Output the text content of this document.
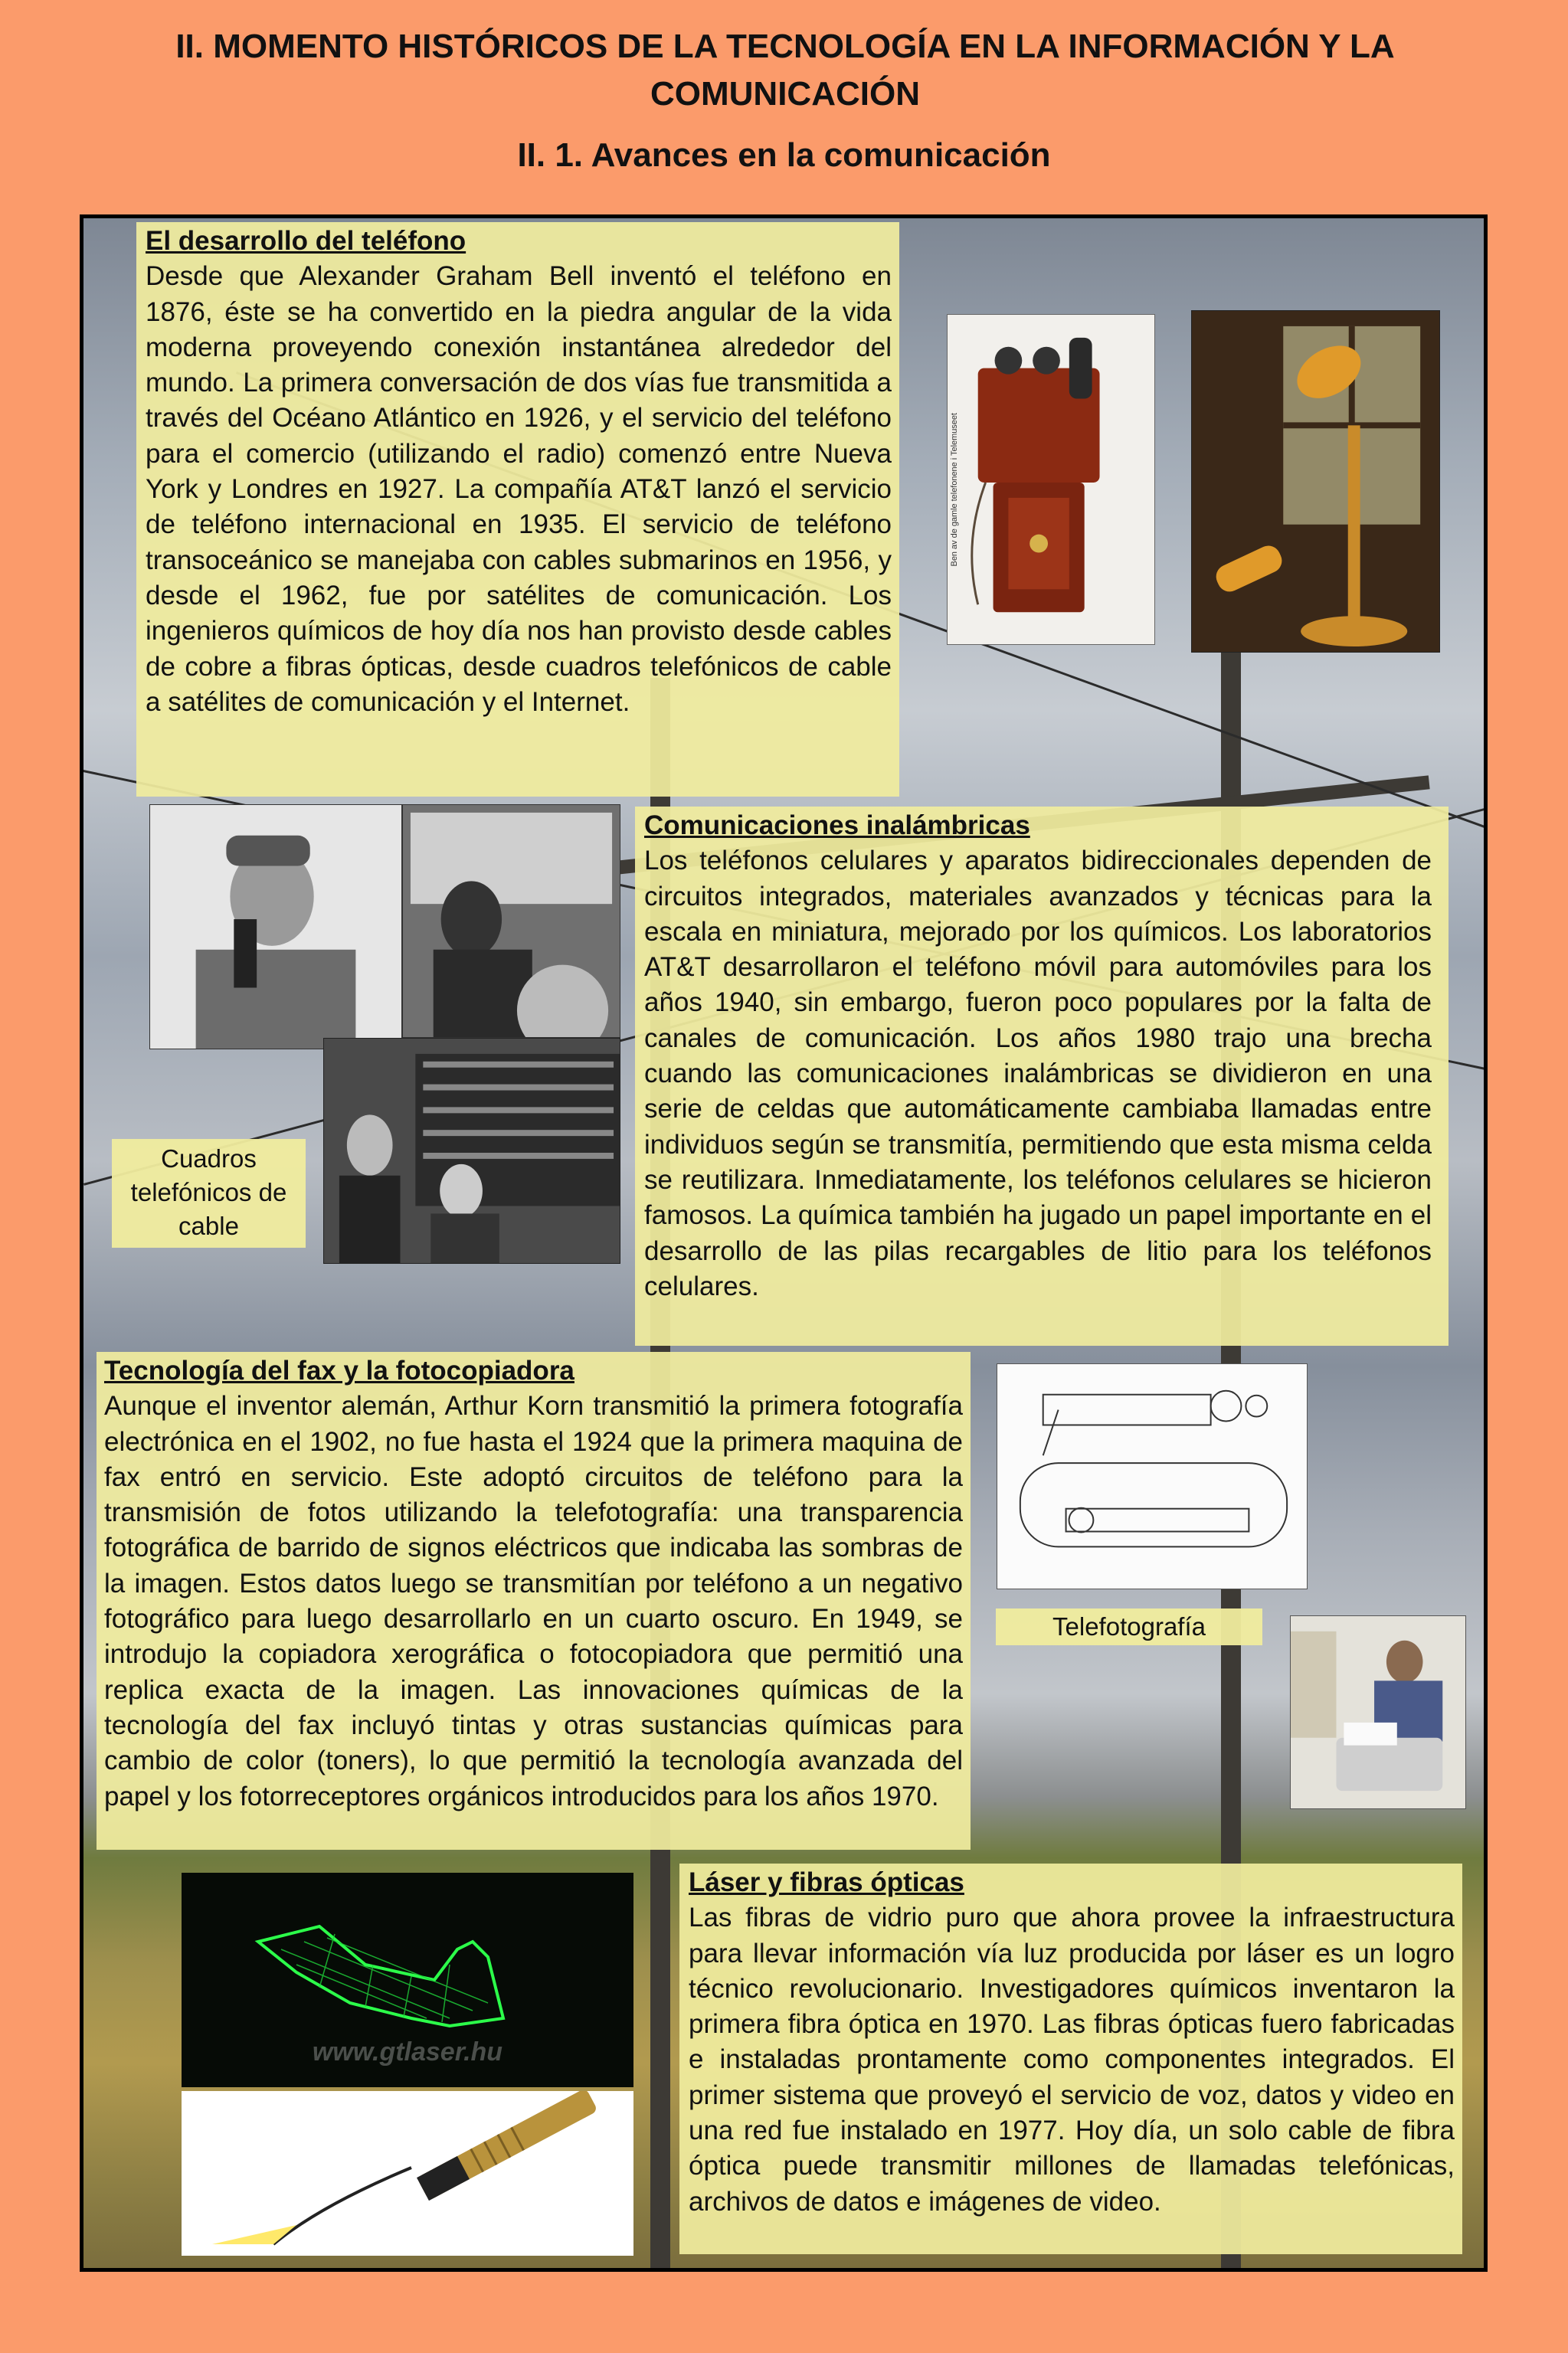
II. MOMENTO HISTÓRICOS DE LA TECNOLOGÍA EN LA INFORMACIÓN Y LA COMUNICACIÓN
II. 1. Avances en la comunicación
El desarrollo del teléfono

Desde que Alexander Graham Bell inventó el teléfono en 1876, éste se ha convertido en la piedra angular de la vida moderna proveyendo conexión instantánea alrededor del mundo. La primera conversación de dos vías fue transmitida a través del Océano Atlántico en 1926, y el servicio del teléfono para el comercio (utilizando el radio) comenzó entre Nueva York y Londres en 1927. La compañía AT&T lanzó el servicio de teléfono internacional en 1935. El servicio de teléfono transoceánico se manejaba con cables submarinos en 1956, y desde el 1962, fue por satélites de comunicación. Los ingenieros químicos de hoy día nos han provisto desde cables de cobre a fibras ópticas, desde cuadros telefónicos de cable a satélites de comunicación y el Internet.

Ben av de gamle telefonene i Telemuseet
Cuadros telefónicos de cable
Comunicaciones inalámbricas

Los teléfonos celulares y aparatos bidireccionales dependen de circuitos integrados, materiales avanzados y técnicas para la escala en miniatura, mejorado por los químicos. Los laboratorios AT&T desarrollaron el teléfono móvil para automóviles para los años 1940, sin embargo, fueron poco populares por la falta de canales de comunicación. Los años 1980 trajo una brecha cuando las comunicaciones inalámbricas se dividieron en una serie de celdas que automáticamente cambiaba llamadas entre individuos según se transmitía, permitiendo que esta misma celda se reutilizara. Inmediatamente, los teléfonos celulares se hicieron famosos. La química también ha jugado un papel importante en el desarrollo de las pilas recargables de litio para los teléfonos celulares.

Tecnología del fax y la fotocopiadora

Aunque el inventor alemán, Arthur Korn transmitió la primera fotografía electrónica en el 1902, no fue hasta el 1924 que la primera maquina de fax entró en servicio. Este adoptó circuitos de teléfono para la transmisión de fotos utilizando la telefotografía: una transparencia fotográfica de barrido de signos eléctricos que indicaba las sombras de la imagen. Estos datos luego se transmitían por teléfono a un negativo fotográfico para luego desarrollarlo en un cuarto oscuro. En 1949, se introdujo la copiadora xerográfica o fotocopiadora que permitió una replica exacta de la imagen. Las innovaciones químicas de la tecnología del fax incluyó tintas y otras sustancias químicas para cambio de color (toners), lo que permitió la tecnología avanzada del papel y los fotorreceptores orgánicos introducidos para los años 1970.

Telefotografía
www.gtlaser.hu
Láser y fibras ópticas

Las fibras de vidrio puro que ahora provee la infraestructura para llevar información vía luz producida por láser es un logro técnico revolucionario. Investigadores químicos inventaron la primera fibra óptica en 1970. Las fibras ópticas fuero fabricadas e instaladas prontamente como componentes integrados. El primer sistema que proveyó el servicio de voz, datos y video en una red fue instalado en 1977. Hoy día, un solo cable de fibra óptica puede transmitir millones de llamadas telefónicas, archivos de datos e imágenes de video.
